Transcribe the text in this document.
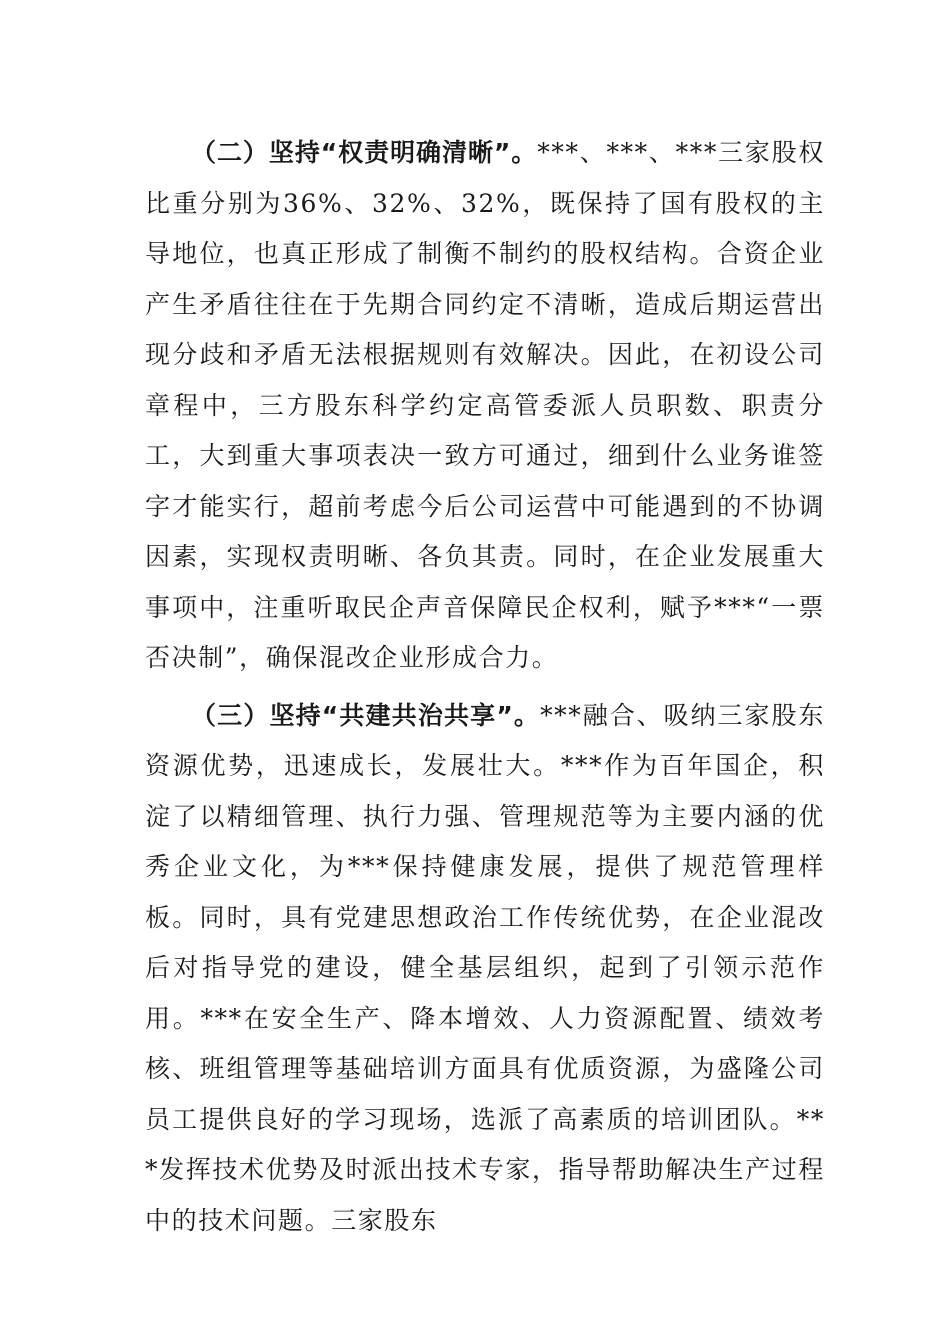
（二）坚持“权责明确清晰”。***、***、***三家股权比重分别为36%、32%、32%，既保持了国有股权的主导地位，也真正形成了制衡不制约的股权结构。合资企业产生矛盾往往在于先期合同约定不清晰，造成后期运营出现分歧和矛盾无法根据规则有效解决。因此，在初设公司章程中，三方股东科学约定高管委派人员职数、职责分工，大到重大事项表决一致方可通过，细到什么业务谁签字才能实行，超前考虑今后公司运营中可能遇到的不协调因素，实现权责明晰、各负其责。同时，在企业发展重大事项中，注重听取民企声音保障民企权利，赋予***“一票否决制”，确保混改企业形成合力。

（三）坚持“共建共治共享”。***融合、吸纳三家股东资源优势，迅速成长，发展壮大。***作为百年国企，积淀了以精细管理、执行力强、管理规范等为主要内涵的优秀企业文化，为***保持健康发展，提供了规范管理样板。同时，具有党建思想政治工作传统优势，在企业混改后对指导党的建设，健全基层组织，起到了引领示范作用。***在安全生产、降本增效、人力资源配置、绩效考核、班组管理等基础培训方面具有优质资源，为盛隆公司员工提供良好的学习现场，选派了高素质的培训团队。***发挥技术优势及时派出技术专家，指导帮助解决生产过程中的技术问题。三家股东
